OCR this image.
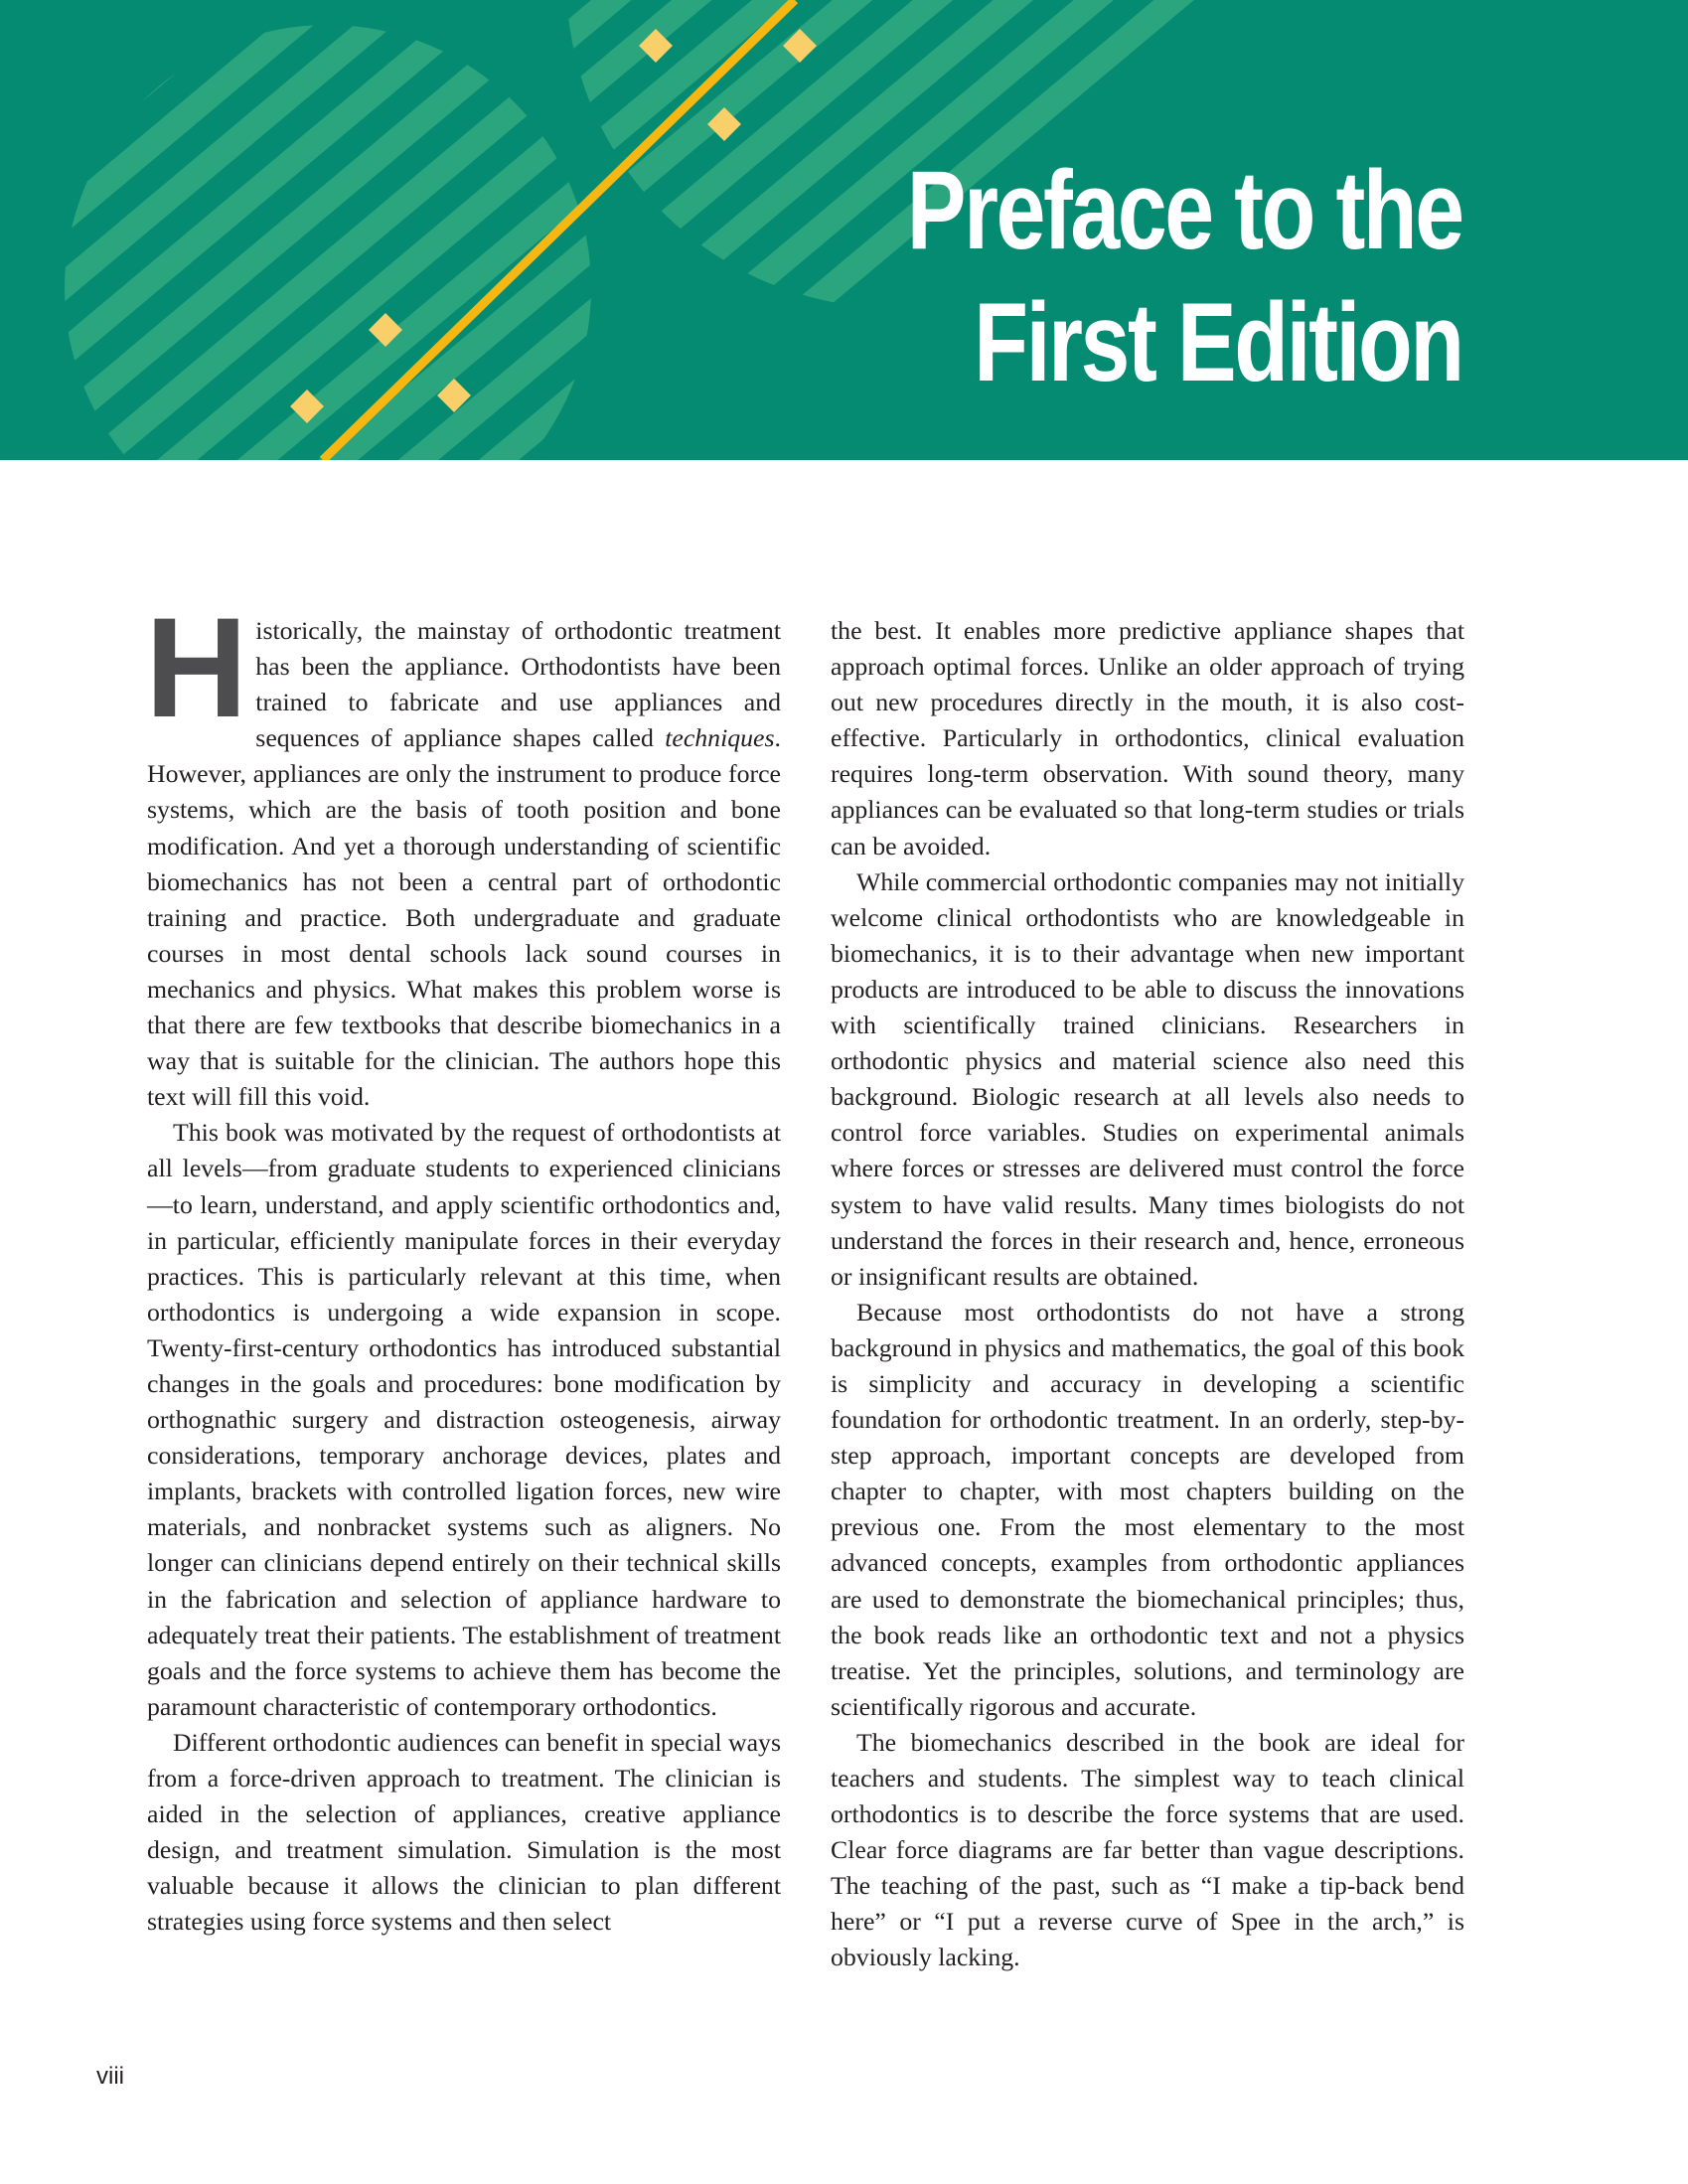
Preface to the
First Edition

Historically, the mainstay of orthodontic treatment has been the appliance. Orthodontists have been trained to fabricate and use appliances and sequences of appliance shapes called techniques. However, appliances are only the instrument to produce force systems, which are the basis of tooth position and bone modification. And yet a thorough understanding of scientific biomechanics has not been a central part of orthodontic training and practice. Both undergraduate and graduate courses in most dental schools lack sound courses in mechanics and physics. What makes this problem worse is that there are few textbooks that describe biomechanics in a way that is suitable for the clinician. The authors hope this text will fill this void.

This book was motivated by the request of orthodontists at all levels—from graduate students to experienced clinicians—to learn, understand, and apply scientific orthodontics and, in particular, efficiently manipulate forces in their everyday practices. This is particularly relevant at this time, when orthodontics is undergoing a wide expansion in scope. Twenty-first-century orthodontics has introduced substantial changes in the goals and procedures: bone modification by orthognathic surgery and distraction osteogenesis, airway considerations, temporary anchorage devices, plates and implants, brackets with controlled ligation forces, new wire materials, and nonbracket systems such as aligners. No longer can clinicians depend entirely on their technical skills in the fabrication and selection of appliance hardware to adequately treat their patients. The establishment of treatment goals and the force systems to achieve them has become the paramount characteristic of contemporary orthodontics.

Different orthodontic audiences can benefit in special ways from a force-driven approach to treatment. The clinician is aided in the selection of appliances, creative appliance design, and treatment simulation. Simulation is the most valuable because it allows the clinician to plan different strategies using force systems and then select

the best. It enables more predictive appliance shapes that approach optimal forces. Unlike an older approach of trying out new procedures directly in the mouth, it is also cost-effective. Particularly in orthodontics, clinical evaluation requires long-term observation. With sound theory, many appliances can be evaluated so that long-term studies or trials can be avoided.

While commercial orthodontic companies may not initially welcome clinical orthodontists who are knowledgeable in biomechanics, it is to their advantage when new important products are introduced to be able to discuss the innovations with scientifically trained clinicians. Researchers in orthodontic physics and material science also need this background. Biologic research at all levels also needs to control force variables. Studies on experimental animals where forces or stresses are delivered must control the force system to have valid results. Many times biologists do not understand the forces in their research and, hence, erroneous or insignificant results are obtained.

Because most orthodontists do not have a strong background in physics and mathematics, the goal of this book is simplicity and accuracy in developing a scientific foundation for orthodontic treatment. In an orderly, step-by-step approach, important concepts are developed from chapter to chapter, with most chapters building on the previous one. From the most elementary to the most advanced concepts, examples from orthodontic appliances are used to demonstrate the biomechanical principles; thus, the book reads like an orthodontic text and not a physics treatise. Yet the principles, solutions, and terminology are scientifically rigorous and accurate.

The biomechanics described in the book are ideal for teachers and students. The simplest way to teach clinical orthodontics is to describe the force systems that are used. Clear force diagrams are far better than vague descriptions. The teaching of the past, such as “I make a tip-back bend here” or “I put a reverse curve of Spee in the arch,” is obviously lacking.

viii
